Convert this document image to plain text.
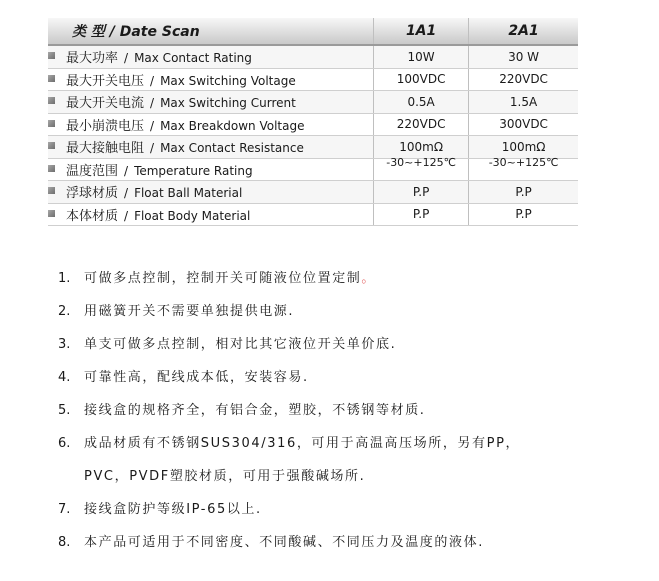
类 型 / Date Scan	1A1	2A1

最大功率 / Max Contact Rating	10W	30 W

最大开关电压 / Max Switching Voltage	100VDC	220VDC

最大开关电流 / Max Switching Current	0.5A	1.5A

最小崩溃电压 / Max Breakdown Voltage	220VDC	300VDC

最大接触电阻 / Max Contact Resistance	100mΩ	100mΩ

温度范围 / Temperature Rating	-30~+125℃	-30~+125℃

浮球材质 / Float Ball Material	P.P	P.P

本体材质 / Float Body Material	P.P	P.P
1. 可做多点控制，控制开关可随液位位置定制。
2. 用磁簧开关不需要单独提供电源.
3. 单支可做多点控制，相对比其它液位开关单价底.
4. 可靠性高，配线成本低，安装容易.
5. 接线盒的规格齐全，有铝合金，塑胶，不锈钢等材质.
6. 成品材质有不锈钢SUS304/316，可用于高温高压场所，另有PP，
PVC，PVDF塑胶材质，可用于强酸碱场所.
7. 接线盒防护等级IP-65以上.
8. 本产品可适用于不同密度、不同酸碱、不同压力及温度的液体.
